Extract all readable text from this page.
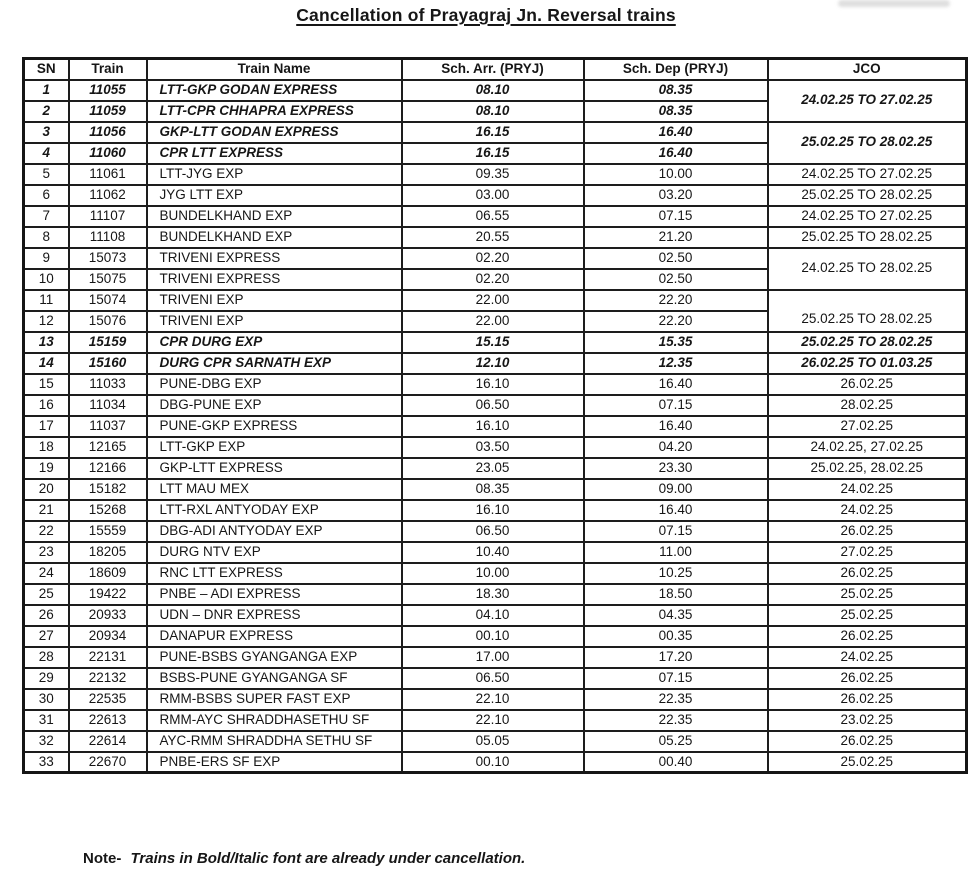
Cancellation of Prayagraj Jn. Reversal trains
SN	Train	Train Name	Sch. Arr. (PRYJ)	Sch. Dep (PRYJ)	JCO
1	11055	LTT-GKP GODAN EXPRESS	08.10	08.35	24.02.25 TO 27.02.25
2	11059	LTT-CPR CHHAPRA EXPRESS	08.10	08.35	
3	11056	GKP-LTT GODAN EXPRESS	16.15	16.40	25.02.25 TO 28.02.25
4	11060	CPR LTT EXPRESS	16.15	16.40	
5	11061	LTT-JYG EXP	09.35	10.00	24.02.25 TO 27.02.25
6	11062	JYG LTT EXP	03.00	03.20	25.02.25 TO 28.02.25
7	11107	BUNDELKHAND EXP	06.55	07.15	24.02.25 TO 27.02.25
8	11108	BUNDELKHAND EXP	20.55	21.20	25.02.25 TO 28.02.25
9	15073	TRIVENI EXPRESS	02.20	02.50	24.02.25 TO 28.02.25
10	15075	TRIVENI EXPRESS	02.20	02.50	
11	15074	TRIVENI EXP	22.00	22.20	25.02.25 TO 28.02.25
12	15076	TRIVENI EXP	22.00	22.20	
13	15159	CPR DURG EXP	15.15	15.35	25.02.25 TO 28.02.25
14	15160	DURG CPR SARNATH EXP	12.10	12.35	26.02.25 TO 01.03.25
15	11033	PUNE-DBG EXP	16.10	16.40	26.02.25
16	11034	DBG-PUNE EXP	06.50	07.15	28.02.25
17	11037	PUNE-GKP EXPRESS	16.10	16.40	27.02.25
18	12165	LTT-GKP EXP	03.50	04.20	24.02.25, 27.02.25
19	12166	GKP-LTT EXPRESS	23.05	23.30	25.02.25, 28.02.25
20	15182	LTT MAU MEX	08.35	09.00	24.02.25
21	15268	LTT-RXL ANTYODAY EXP	16.10	16.40	24.02.25
22	15559	DBG-ADI ANTYODAY EXP	06.50	07.15	26.02.25
23	18205	DURG NTV EXP	10.40	11.00	27.02.25
24	18609	RNC LTT EXPRESS	10.00	10.25	26.02.25
25	19422	PNBE – ADI EXPRESS	18.30	18.50	25.02.25
26	20933	UDN – DNR EXPRESS	04.10	04.35	25.02.25
27	20934	DANAPUR EXPRESS	00.10	00.35	26.02.25
28	22131	PUNE-BSBS GYANGANGA EXP	17.00	17.20	24.02.25
29	22132	BSBS-PUNE GYANGANGA SF	06.50	07.15	26.02.25
30	22535	RMM-BSBS SUPER FAST EXP	22.10	22.35	26.02.25
31	22613	RMM-AYC SHRADDHASETHU SF	22.10	22.35	23.02.25
32	22614	AYC-RMM SHRADDHA SETHU SF	05.05	05.25	26.02.25
33	22670	PNBE-ERS SF EXP	00.10	00.40	25.02.25

Note- Trains in Bold/Italic font are already under cancellation.
